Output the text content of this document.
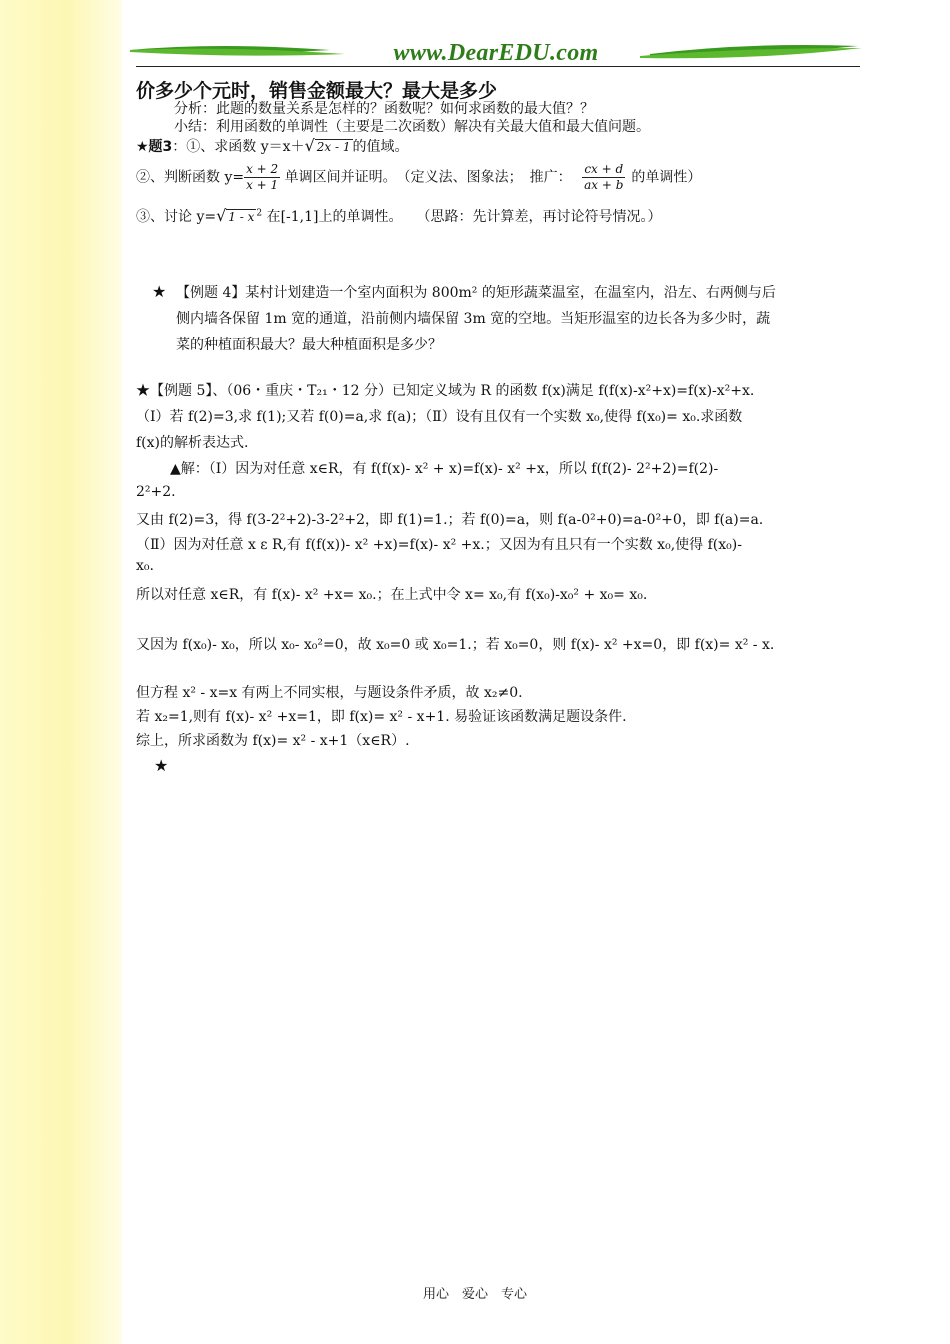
www.DearEDU.com
价多少个元时，销售金额最大？最大是多少
分析：此题的数量关系是怎样的？函数呢？如何求函数的最大值？？
小结：利用函数的单调性（主要是二次函数）解决有关最大值和最大值问题。
★题3：①、求函数 y＝x＋√ 2x - 1 的值域。
②、判断函数 $y= \frac{x + 2}{x + 1}$ 单调区间并证明。　（定义法、图象法；　推广： $\frac{cx + d}{ax + b}$ 的单调性）
③、讨论 y=√ 1 - x $^2$ 在[-1,1]上的单调性。　　（思路：先计算差，再讨论符号情况。）
★ 【例题 4】某村计划建造一个室内面积为 800m² 的矩形蔬菜温室，在温室内，沿左、右两侧与后
侧内墙各保留 1m 宽的通道，沿前侧内墙保留 3m 宽的空地。当矩形温室的边长各为多少时，蔬
菜的种植面积最大？最大种植面积是多少？
★【例题 5】、（06・重庆・T₂₁・12 分）已知定义域为 R 的函数 f(x)满足 f(f(x)-x²+x)=f(x)-x²+x.
（Ⅰ）若 f(2)=3,求 f(1);又若 f(0)=a,求 f(a)；（Ⅱ）设有且仅有一个实数 x₀,使得 f(x₀)= x₀.求函数
f(x)的解析表达式.
▲解：（Ⅰ）因为对任意 x∈R，有 f(f(x)- x² + x)=f(x)- x² +x，所以 f(f(2)- 2²+2)=f(2)-
2²+2.
又由 f(2)=3，得 f(3-2²+2)-3-2²+2，即 f(1)=1.；若 f(0)=a，则 f(a-0²+0)=a-0²+0，即 f(a)=a.
（Ⅱ）因为对任意 x ε R,有 f(f(x))- x² +x)=f(x)- x² +x.；又因为有且只有一个实数 x₀,使得 f(x₀)-
x₀.
所以对任意 x∈R，有 f(x)- x² +x= x₀.；在上式中令 x= x₀,有 f(x₀)-x₀² + x₀= x₀.
又因为 f(x₀)- x₀，所以 x₀- x₀²=0，故 x₀=0 或 x₀=1.；若 x₀=0，则 f(x)- x² +x=0，即 f(x)= x² - x.
但方程 x² - x=x 有两上不同实根，与题设条件矛质，故 x₂≠0.
若 x₂=1,则有 f(x)- x² +x=1，即 f(x)= x² - x+1. 易验证该函数满足题设条件.
综上，所求函数为 f(x)= x² - x+1（x∈R）.
★
用心　爱心　专心
